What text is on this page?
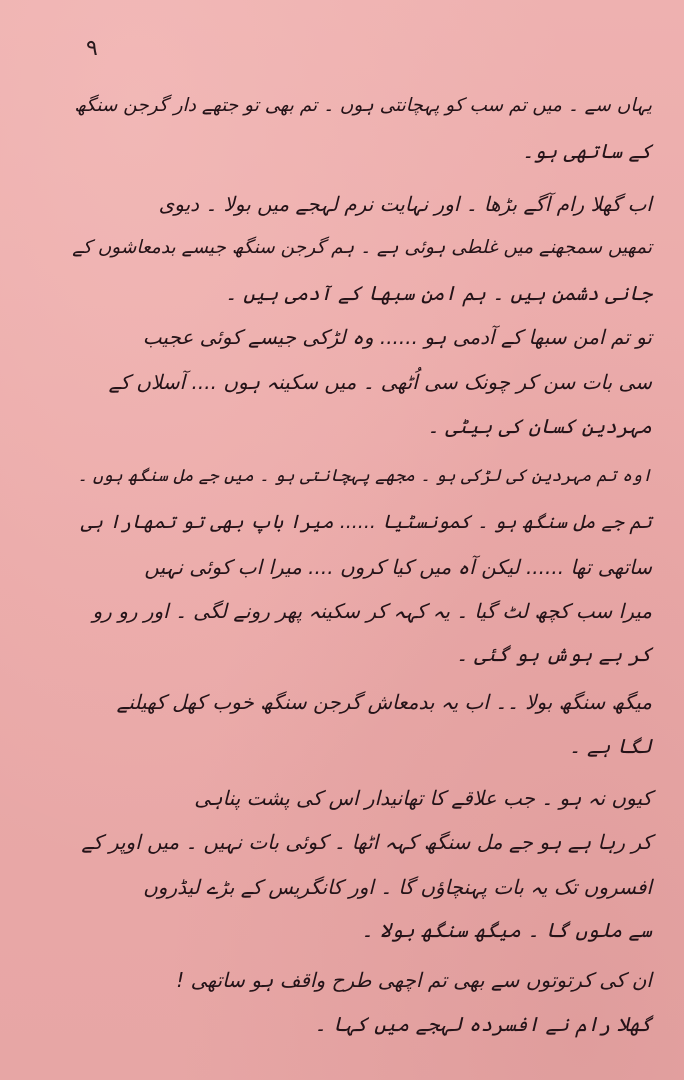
۹
یہاں سے ۔ میں تم سب کو پہچانتی ہوں ۔ تم بھی تو جتھے دار گرجن سنگھ
کے ساتھی ہو۔
اب گھلا رام آگے بڑھا ۔ اور نہایت نرم لہجے میں بولا ۔ دیوی
تمھیں سمجھنے میں غلطی ہوئی ہے ۔ ہم گرجن سنگھ جیسے بدمعاشوں کے
جانی دشمن ہیں ۔ ہم امن سبھا کے آدمی ہیں ۔
تو تم امن سبھا کے آدمی ہو ...... وہ لڑکی جیسے کوئی عجیب
سی بات سن کر چونک سی اُٹھی ۔ میں سکینہ ہوں .... آسلاں کے
مہردین کسان کی بیٹی ۔
اوہ تم مہردین کی لڑکی ہو ۔ مجھے پہچانتی ہو ۔ میں جے مل سنگھ ہوں ۔
تم جے مل سنگھ ہو ۔ کمونسٹیا ...... میرا باپ بھی تو تمھارا ہی
ساتھی تھا ...... لیکن آہ میں کیا کروں .... میرا اب کوئی نہیں
میرا سب کچھ لٹ گیا ۔ یہ کہہ کر سکینہ پھر رونے لگی ۔ اور رو رو
کر بے ہوش ہو گئی ۔
میگھ سنگھ بولا ۔۔ اب یہ بدمعاش گرجن سنگھ خوب کھل کھیلنے
لگا ہے ۔
کیوں نہ ہو ۔ جب علاقے کا تھانیدار اس کی پشت پناہی
کر رہا ہے ہو جے مل سنگھ کہہ اٹھا ۔ کوئی بات نہیں ۔ میں اوپر کے
افسروں تک یہ بات پہنچاؤں گا ۔ اور کانگریس کے بڑے لیڈروں
سے ملوں گا ۔ میگھ سنگھ بولا ۔
ان کی کرتوتوں سے بھی تم اچھی طرح واقف ہو ساتھی !
گھلا رام نے افسردہ لہجے میں کہا ۔
